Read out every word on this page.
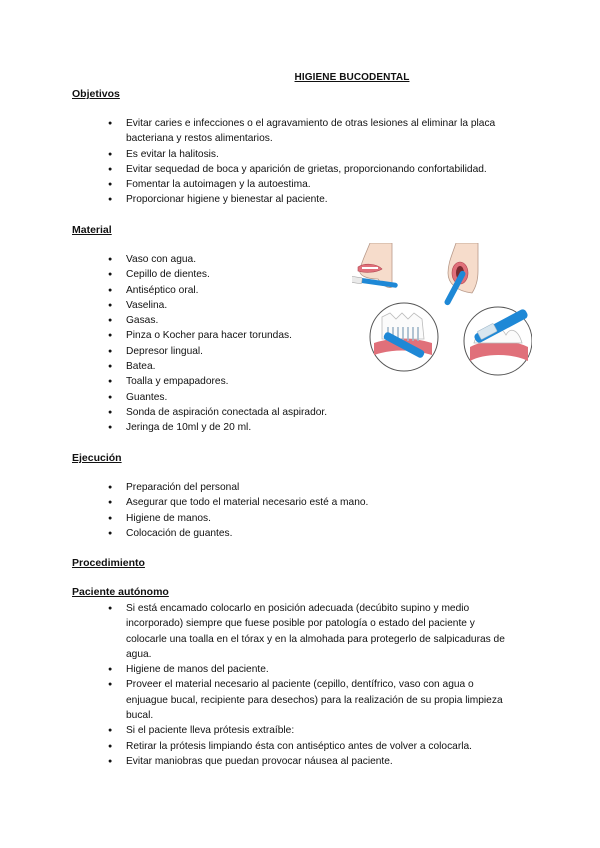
HIGIENE BUCODENTAL
Objetivos
● Evitar caries e infecciones o el agravamiento de otras lesiones al eliminar la placa bacteriana y restos alimentarios.
● Es evitar la halitosis.
● Evitar sequedad de boca y aparición de grietas, proporcionando confortabilidad.
● Fomentar la autoimagen y la autoestima.
● Proporcionar higiene y bienestar al paciente.
Material
● Vaso con agua.
● Cepillo de dientes.
● Antiséptico oral.
● Vaselina.
● Gasas.
● Pinza o Kocher para hacer torundas.
● Depresor lingual.
● Batea.
● Toalla y empapadores.
● Guantes.
● Sonda de aspiración conectada al aspirador.
● Jeringa de 10ml y de 20 ml.
Ejecución
● Preparación del personal
● Asegurar que todo el material necesario esté a mano.
● Higiene de manos.
● Colocación de guantes.
Procedimiento
Paciente autónomo
● Si está encamado colocarlo en posición adecuada (decúbito supino y medio incorporado) siempre que fuese posible por patología o estado del paciente y colocarle una toalla en el tórax y en la almohada para protegerlo de salpicaduras de agua.
● Higiene de manos del paciente.
● Proveer el material necesario al paciente (cepillo, dentífrico, vaso con agua o enjuague bucal, recipiente para desechos) para la realización de su propia limpieza bucal.
● Si el paciente lleva prótesis extraíble:
● Retirar la prótesis limpiando ésta con antiséptico antes de volver a colocarla.
● Evitar maniobras que puedan provocar náusea al paciente.
